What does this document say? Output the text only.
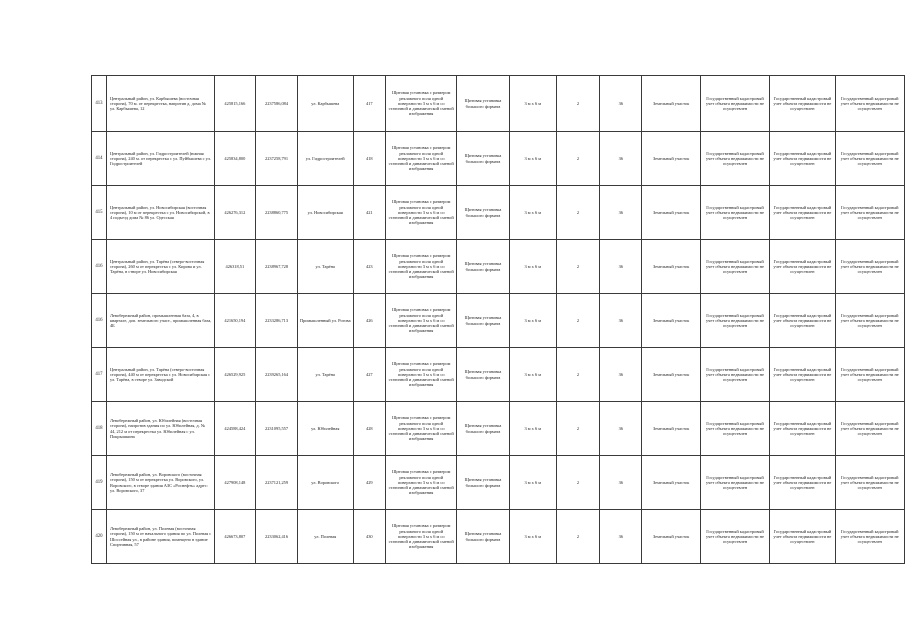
413	Центральный район, ул. Карбышева (восточная сторона), 70 м. от перекрестка, напротив д. дома № ул. Карбышева, 12	425815,166	2237586,084	ул. Карбышева	417	Щитовая установка с размером рекламного поля одной поверхности 3 м x 6 м со статичной и динамической сменой изображения	Щитовая установка большого формата	3 м x 6 м	2	36	Земельный участок	Государственный кадастровый учет объекта недвижимости не осуществлен	Государственный кадастровый учет объекта недвижимости не осуществлен	Государственный кадастровый учет объекта недвижимости не осуществлен
414	Центральный район, ул. Гидростроителей (южная сторона), 240 м. от перекрестка с ул. Пуйбышева с ул. Гидростроителей	425834,800	2237258,791	ул. Гидростроителей	418	Щитовая установка с размером рекламного поля одной поверхности 3 м x 6 м со статичной и динамической сменой изображения	Щитовая установка большого формата	3 м x 6 м	2	36	Земельный участок	Государственный кадастровый учет объекта недвижимости не осуществлен	Государственный кадастровый учет объекта недвижимости не осуществлен	Государственный кадастровый учет объекта недвижимости не осуществлен
415	Центральный район, ул. Новосибирская (восточная сторона), 10 м от перекрестка с ул. Новосибирской, в 4 подъезд дома № 86 ул. Одесская	426276,312	2238860,775	ул. Новосибирская	421	Щитовая установка с размером рекламного поля одной поверхности 3 м x 6 м со статичной и динамической сменой изображения	Щитовая установка большого формата	3 м x 6 м	2	36	Земельный участок	Государственный кадастровый учет объекта недвижимости не осуществлен	Государственный кадастровый учет объекта недвижимости не осуществлен	Государственный кадастровый учет объекта недвижимости не осуществлен
416	Центральный район, ул. Тарёна (северо-восточная сторона), 260 м от перекрестка с ул. Кирова и ул. Тарёна, в створе ул. Новосибирская	426318,51	2238967,728	ул. Тарёна	423	Щитовая установка с размером рекламного поля одной поверхности 3 м x 6 м со статичной и динамической сменой изображения	Щитовая установка большого формата	3 м x 6 м	2	36	Земельный участок	Государственный кадастровый учет объекта недвижимости не осуществлен	Государственный кадастровый учет объекта недвижимости не осуществлен	Государственный кадастровый учет объекта недвижимости не осуществлен
416	Левобережный район, промышленная база, 4, в квартале, доп. земельного участ., промышленная база, 4Б	421650,194	2233286,713	Промышленный ул. Рогова	426	Щитовая установка с размером рекламного поля одной поверхности 3 м x 6 м со статичной и динамической сменой изображения	Щитовая установка большого формата	3 м x 6 м	2	36	Земельный участок	Государственный кадастровый учет объекта недвижимости не осуществлен	Государственный кадастровый учет объекта недвижимости не осуществлен	Государственный кадастровый учет объекта недвижимости не осуществлен
417	Центральный район, ул. Тарёна (северо-восточная сторона), 440 м от перекрестка с ул. Новосибирская с ул. Тарёна, в створе ул. Заводской	426529,925	2239265,164	ул. Тарёна	427	Щитовая установка с размером рекламного поля одной поверхности 3 м x 6 м со статичной и динамической сменой изображения	Щитовая установка большого формата	3 м x 6 м	2	36	Земельный участок	Государственный кадастровый учет объекта недвижимости не осуществлен	Государственный кадастровый учет объекта недвижимости не осуществлен	Государственный кадастровый учет объекта недвижимости не осуществлен
418	Левобережный район, ул. Юбилейная (восточная сторона), напротив здания по ул. Юбилейная, д. № 44, 212 м от перекрестка ул. Юбилейная с ул. Покрышкина	424588,424	2231095,557	ул. Юбилейная	428	Щитовая установка с размером рекламного поля одной поверхности 3 м x 6 м со статичной и динамической сменой изображения	Щитовая установка большого формата	3 м x 6 м	2	36	Земельный участок	Государственный кадастровый учет объекта недвижимости не осуществлен	Государственный кадастровый учет объекта недвижимости не осуществлен	Государственный кадастровый учет объекта недвижимости не осуществлен
419	Левобережный район, ул. Воровского (восточная сторона), 150 м от перекрестка ул. Воровского, ул. Воровского, в створе здания АЗС «Роснефть» адрес: ул. Воровского, 37	427908,148	2237121,259	ул. Воровского	429	Щитовая установка с размером рекламного поля одной поверхности 3 м x 6 м со статичной и динамической сменой изображения	Щитовая установка большого формата	3 м x 6 м	2	36	Земельный участок	Государственный кадастровый учет объекта недвижимости не осуществлен	Государственный кадастровый учет объекта недвижимости не осуществлен	Государственный кадастровый учет объекта недвижимости не осуществлен
420	Левобережный район, ул. Полевая (восточная сторона), 150 м от начального здания по ул. Полевая с Шоссейная ул., в районе здания, помещено в здание Спортивная, 57	426673,807	2233062,416	ул. Полевая	430	Щитовая установка с размером рекламного поля одной поверхности 3 м x 6 м со статичной и динамической сменой изображения	Щитовая установка большого формата	3 м x 6 м	2	36	Земельный участок	Государственный кадастровый учет объекта недвижимости не осуществлен	Государственный кадастровый учет объекта недвижимости не осуществлен	Государственный кадастровый учет объекта недвижимости не осуществлен
